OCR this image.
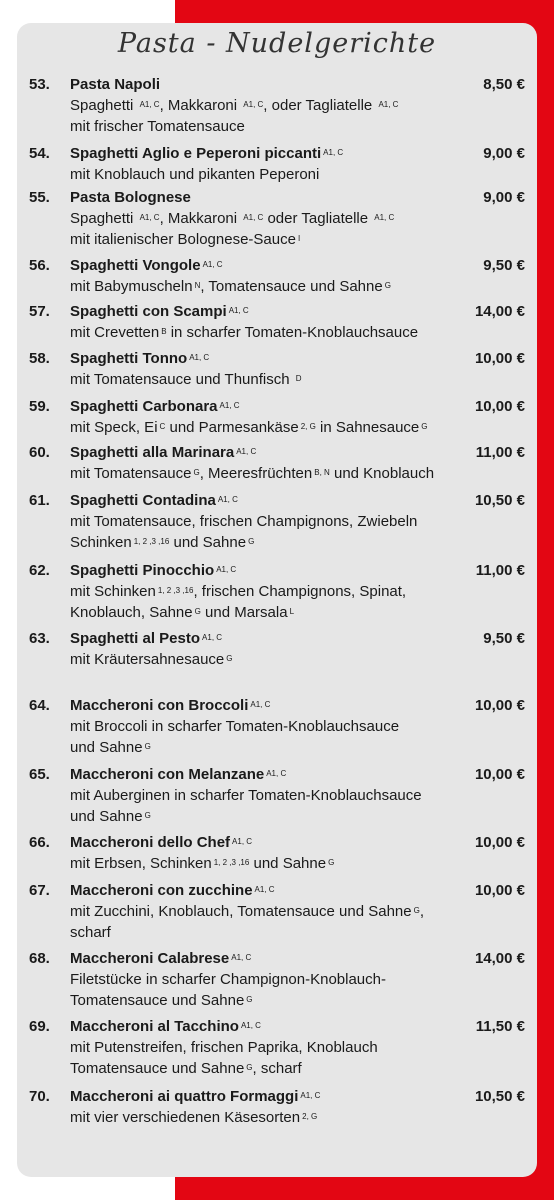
Pasta - Nudelgerichte
53. Pasta Napoli	8,50 €
Spaghetti $^{A1, C}$, Makkaroni $^{A1, C}$, oder Tagliatelle $^{A1, C}$
mit frischer Tomatensauce
54. Spaghetti Aglio e Peperoni piccanti $^{A1, C}$	9,00 €
mit Knoblauch und pikanten Peperoni
55. Pasta Bolognese	9,00 €
Spaghetti $^{A1, C}$, Makkaroni $^{A1, C}$ oder Tagliatelle $^{A1, C}$
mit italienischer Bolognese-Sauce $^I$
56. Spaghetti Vongole $^{A1, C}$	9,50 €
mit Babymuscheln $^N$, Tomatensauce und Sahne $^G$
57. Spaghetti con Scampi $^{A1, C}$	14,00 €
mit Crevetten $^B$ in scharfer Tomaten-Knoblauchsauce
58. Spaghetti Tonno $^{A1, C}$	10,00 €
mit Tomatensauce und Thunfisch $^D$
59. Spaghetti Carbonara $^{A1, C}$	10,00 €
mit Speck, Ei $^C$ und Parmesankäse $^{2, G}$ in Sahnesauce $^G$
60. Spaghetti alla Marinara $^{A1, C}$	11,00 €
mit Tomatensauce $^G$, Meeresfrüchten $^{B, N}$ und Knoblauch
61. Spaghetti Contadina $^{A1, C}$	10,50 €
mit Tomatensauce, frischen Champignons, Zwiebeln
Schinken $^{1, 2 ,3 ,16}$ und Sahne $^G$
62. Spaghetti Pinocchio $^{A1, C}$	11,00 €
mit Schinken $^{1, 2 ,3 ,16}$, frischen Champignons, Spinat,
Knoblauch, Sahne $^G$ und Marsala $^L$
63. Spaghetti al Pesto $^{A1, C}$	9,50 €
mit Kräutersahnesauce $^G$
64. Maccheroni con Broccoli $^{A1, C}$	10,00 €
mit Broccoli in scharfer Tomaten-Knoblauchsauce
und Sahne $^G$
65. Maccheroni con Melanzane $^{A1, C}$	10,00 €
mit Auberginen in scharfer Tomaten-Knoblauchsauce
und Sahne $^G$
66. Maccheroni dello Chef $^{A1, C}$	10,00 €
mit Erbsen, Schinken $^{1, 2 ,3 ,16}$ und Sahne $^G$
67. Maccheroni con zucchine $^{A1, C}$	10,00 €
mit Zucchini, Knoblauch, Tomatensauce und Sahne $^G$,
scharf
68. Maccheroni Calabrese $^{A1, C}$	14,00 €
Filetstücke in scharfer Champignon-Knoblauch-
Tomatensauce und Sahne $^G$
69. Maccheroni al Tacchino $^{A1, C}$	11,50 €
mit Putenstreifen, frischen Paprika, Knoblauch
Tomatensauce und Sahne $^G$, scharf
70. Maccheroni ai quattro Formaggi $^{A1, C}$	10,50 €
mit vier verschiedenen Käsesorten $^{2, G}$
